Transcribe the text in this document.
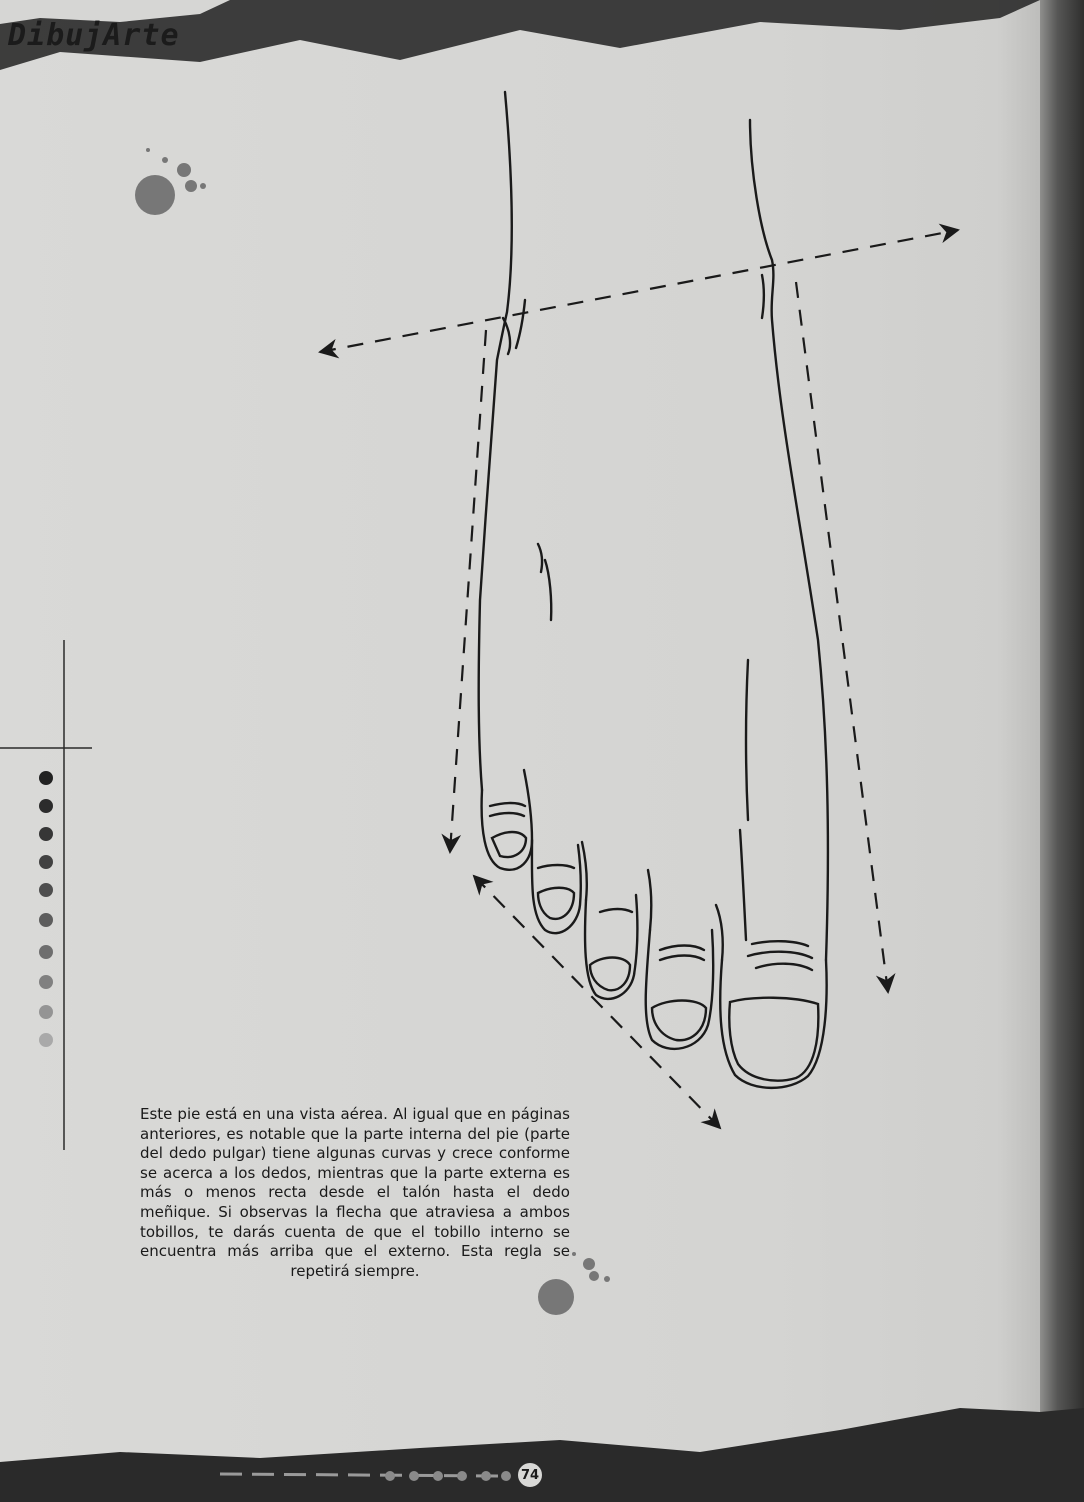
DibujArte

Este pie está en una vista aérea. Al igual que en páginas anteriores, es notable que la parte interna del pie (parte del dedo pulgar) tiene algunas curvas y crece conforme se acerca a los dedos, mientras que la parte externa es más o menos recta desde el talón hasta el dedo meñique. Si observas la flecha que atraviesa a ambos tobillos, te darás cuenta de que el tobillo interno se encuentra más arriba que el externo. Esta regla se repetirá siempre.

74
